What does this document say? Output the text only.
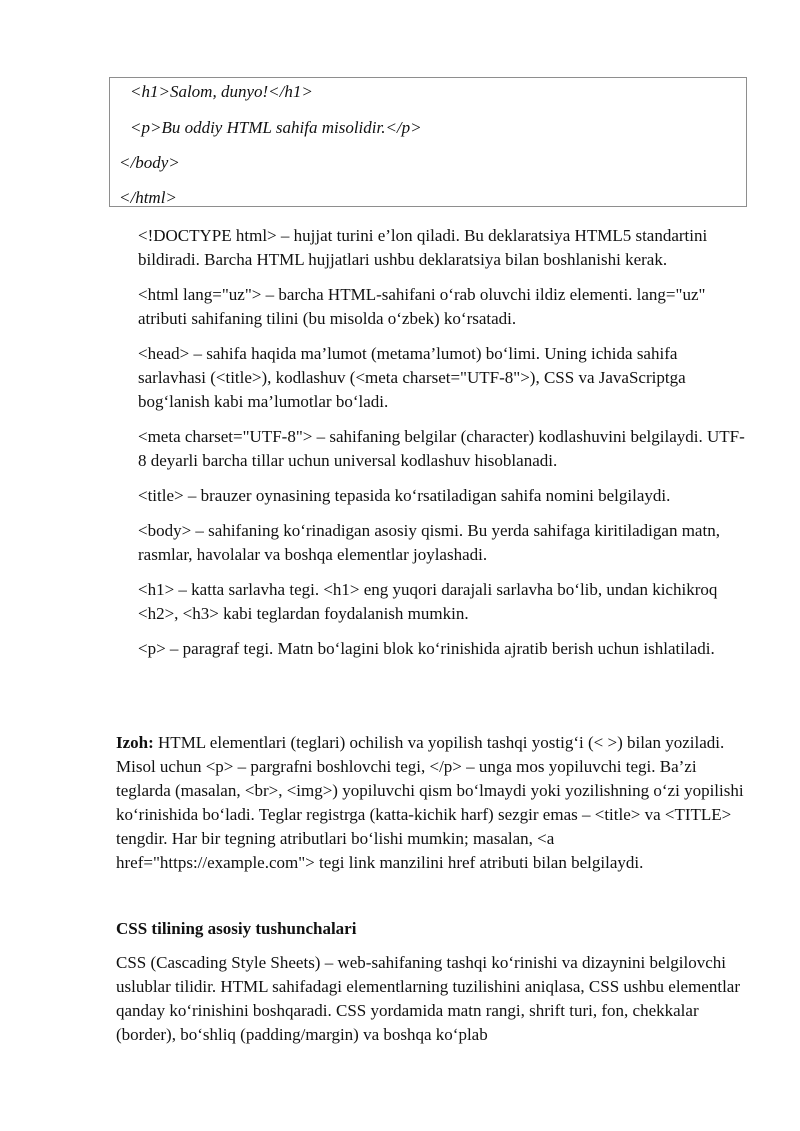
<h1>Salom, dunyo!</h1>
<p>Bu oddiy HTML sahifa misolidir.</p>
</body>
</html>

<!DOCTYPE html> – hujjat turini e’lon qiladi. Bu deklaratsiya HTML5 standartini bildiradi. Barcha HTML hujjatlari ushbu deklaratsiya bilan boshlanishi kerak.

<html lang="uz"> – barcha HTML-sahifani o‘rab oluvchi ildiz elementi. lang="uz" atributi sahifaning tilini (bu misolda o‘zbek) ko‘rsatadi.

<head> – sahifa haqida ma’lumot (metama’lumot) bo‘limi. Uning ichida sahifa sarlavhasi (<title>), kodlashuv (<meta charset="UTF-8">), CSS va JavaScriptga bog‘lanish kabi ma’lumotlar bo‘ladi.

<meta charset="UTF-8"> – sahifaning belgilar (character) kodlashuvini belgilaydi. UTF-8 deyarli barcha tillar uchun universal kodlashuv hisoblanadi.

<title> – brauzer oynasining tepasida ko‘rsatiladigan sahifa nomini belgilaydi.

<body> – sahifaning ko‘rinadigan asosiy qismi. Bu yerda sahifaga kiritiladigan matn, rasmlar, havolalar va boshqa elementlar joylashadi.

<h1> – katta sarlavha tegi. <h1> eng yuqori darajali sarlavha bo‘lib, undan kichikroq <h2>, <h3> kabi teglardan foydalanish mumkin.

<p> – paragraf tegi. Matn bo‘lagini blok ko‘rinishida ajratib berish uchun ishlatiladi.

Izoh: HTML elementlari (teglari) ochilish va yopilish tashqi yostig‘i (< >) bilan yoziladi. Misol uchun <p> – pargrafni boshlovchi tegi, </p> – unga mos yopiluvchi tegi. Ba’zi teglarda (masalan, <br>, <img>) yopiluvchi qism bo‘lmaydi yoki yozilishning o‘zi yopilishi ko‘rinishida bo‘ladi. Teglar registrga (katta-kichik harf) sezgir emas – <title> va <TITLE> tengdir. Har bir tegning atributlari bo‘lishi mumkin; masalan, <a href="https://example.com"> tegi link manzilini href atributi bilan belgilaydi.

CSS tilining asosiy tushunchalari

CSS (Cascading Style Sheets) – web-sahifaning tashqi ko‘rinishi va dizaynini belgilovchi uslublar tilidir. HTML sahifadagi elementlarning tuzilishini aniqlasa, CSS ushbu elementlar qanday ko‘rinishini boshqaradi. CSS yordamida matn rangi, shrift turi, fon, chekkalar (border), bo‘shliq (padding/margin) va boshqa ko‘plab
